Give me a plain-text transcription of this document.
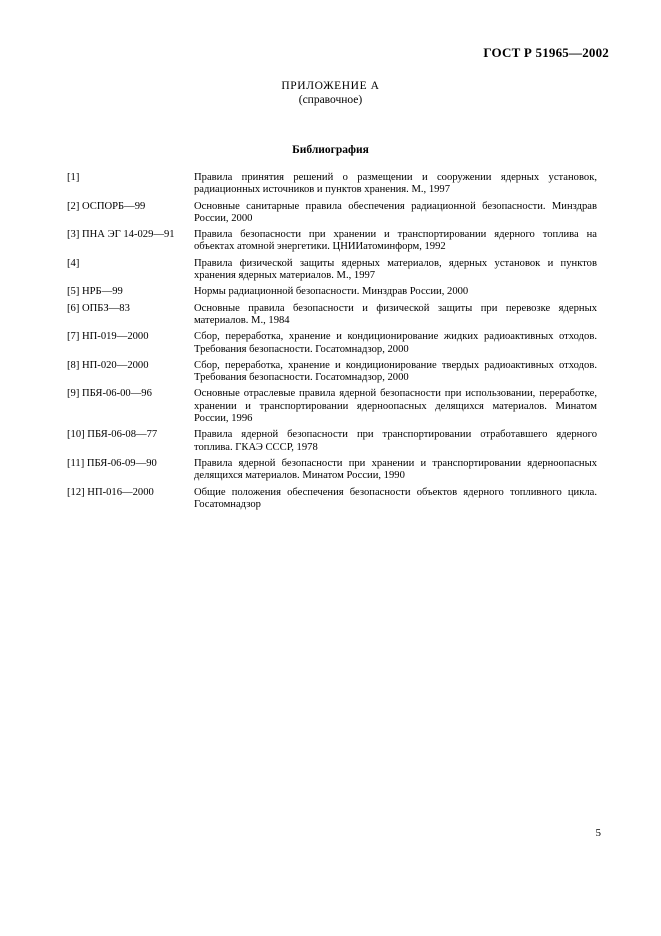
ГОСТ Р 51965—2002
ПРИЛОЖЕНИЕ А
(справочное)
Библиография
[1]	Правила принятия решений о размещении и сооружении ядерных установок, радиационных источников и пунктов хранения. М., 1997
[2] ОСПОРБ—99	Основные санитарные правила обеспечения радиационной безопасности. Минздрав России, 2000
[3] ПНА ЭГ 14-029—91	Правила безопасности при хранении и транспортировании ядерного топлива на объектах атомной энергетики. ЦНИИатоминформ, 1992
[4]	Правила физической защиты ядерных материалов, ядерных установок и пунктов хранения ядерных материалов. М., 1997
[5] НРБ—99	Нормы радиационной безопасности. Минздрав России, 2000
[6] ОПБЗ—83	Основные правила безопасности и физической защиты при перевозке ядерных материалов. М., 1984
[7] НП-019—2000	Сбор, переработка, хранение и кондиционирование жидких радиоактивных отходов. Требования безопасности. Госатомнадзор, 2000
[8] НП-020—2000	Сбор, переработка, хранение и кондиционирование твердых радиоактивных отходов. Требования безопасности. Госатомнадзор, 2000
[9] ПБЯ-06-00—96	Основные отраслевые правила ядерной безопасности при использовании, переработке, хранении и транспортировании ядерноопасных делящихся материалов. Минатом России, 1996
[10] ПБЯ-06-08—77	Правила ядерной безопасности при транспортировании отработавшего ядерного топлива. ГКАЭ СССР, 1978
[11] ПБЯ-06-09—90	Правила ядерной безопасности при хранении и транспортировании ядерноопасных делящихся материалов. Минатом России, 1990
[12] НП-016—2000	Общие положения обеспечения безопасности объектов ядерного топливного цикла. Госатомнадзор
5
